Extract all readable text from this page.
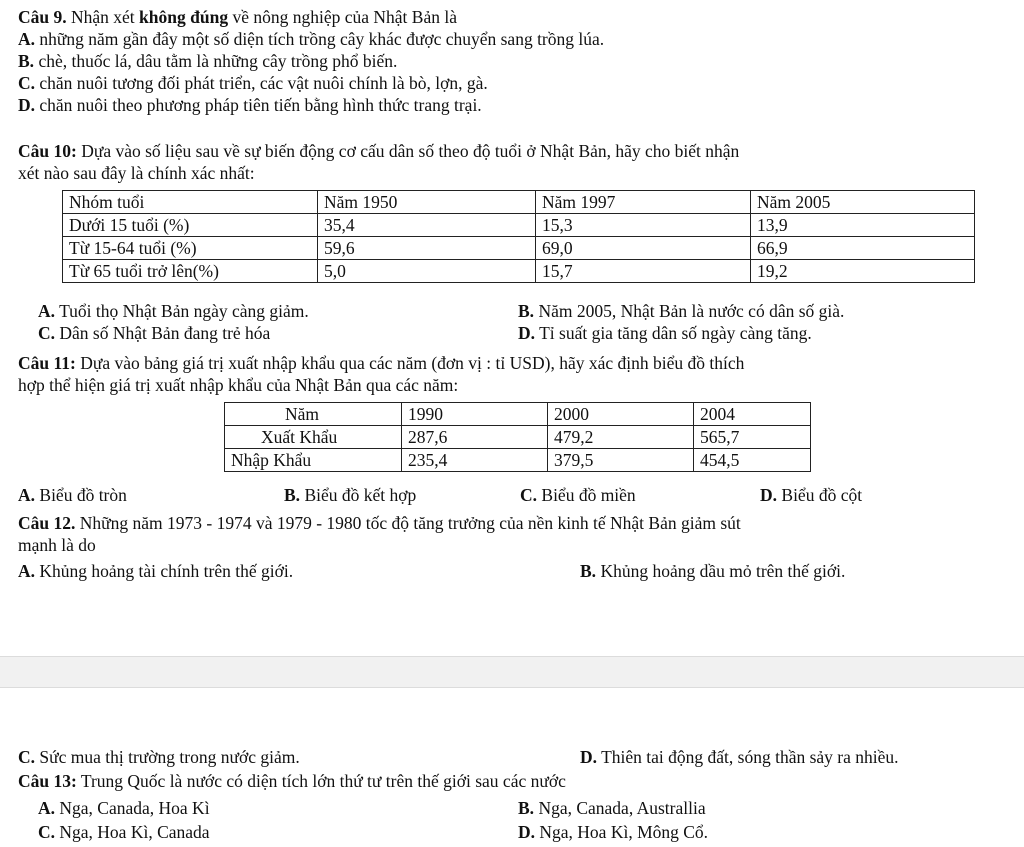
Câu 9. Nhận xét không đúng về nông nghiệp của Nhật Bản là
A. những năm gần đây một số diện tích trồng cây khác được chuyển sang trồng lúa.
B. chè, thuốc lá, dâu tằm là những cây trồng phổ biến.
C. chăn nuôi tương đối phát triển, các vật nuôi chính là bò, lợn, gà.
D. chăn nuôi theo phương pháp tiên tiến bằng hình thức trang trại.
Câu 10: Dựa vào số liệu sau về sự biến động cơ cấu dân số theo độ tuổi ở Nhật Bản, hãy cho biết nhận
xét nào sau đây là chính xác nhất:
Nhóm tuổi	Năm 1950	Năm 1997	Năm 2005
Dưới 15 tuổi (%)	35,4	15,3	13,9
Từ 15-64 tuổi (%)	59,6	69,0	66,9
Từ 65 tuổi trở lên(%)	5,0	15,7	19,2
A. Tuổi thọ Nhật Bản ngày càng giảm.	B. Năm 2005, Nhật Bản là nước có dân số già.
C. Dân số Nhật Bản đang trẻ hóa	D. Tỉ suất gia tăng dân số ngày càng tăng.
Câu 11: Dựa vào bảng giá trị xuất nhập khẩu qua các năm (đơn vị : tỉ USD), hãy xác định biểu đồ thích
hợp thể hiện giá trị xuất nhập khẩu của Nhật Bản qua các năm:
Năm	1990	2000	2004
Xuất Khẩu	287,6	479,2	565,7
Nhập Khẩu	235,4	379,5	454,5
A. Biểu đồ tròn	B. Biểu đồ kết hợp	C. Biểu đồ miền	D. Biểu đồ cột
Câu 12. Những năm 1973 - 1974 và 1979 - 1980 tốc độ tăng trưởng của nền kinh tế Nhật Bản giảm sút
mạnh là do
A. Khủng hoảng tài chính trên thế giới.	B. Khủng hoảng dầu mỏ trên thế giới.
C. Sức mua thị trường trong nước giảm.	D. Thiên tai động đất, sóng thần sảy ra nhiều.
Câu 13: Trung Quốc là nước có diện tích lớn thứ tư trên thế giới sau các nước
A. Nga, Canada, Hoa Kì	B. Nga, Canada, Australlia
C. Nga, Hoa Kì, Canada	D. Nga, Hoa Kì, Mông Cổ.
